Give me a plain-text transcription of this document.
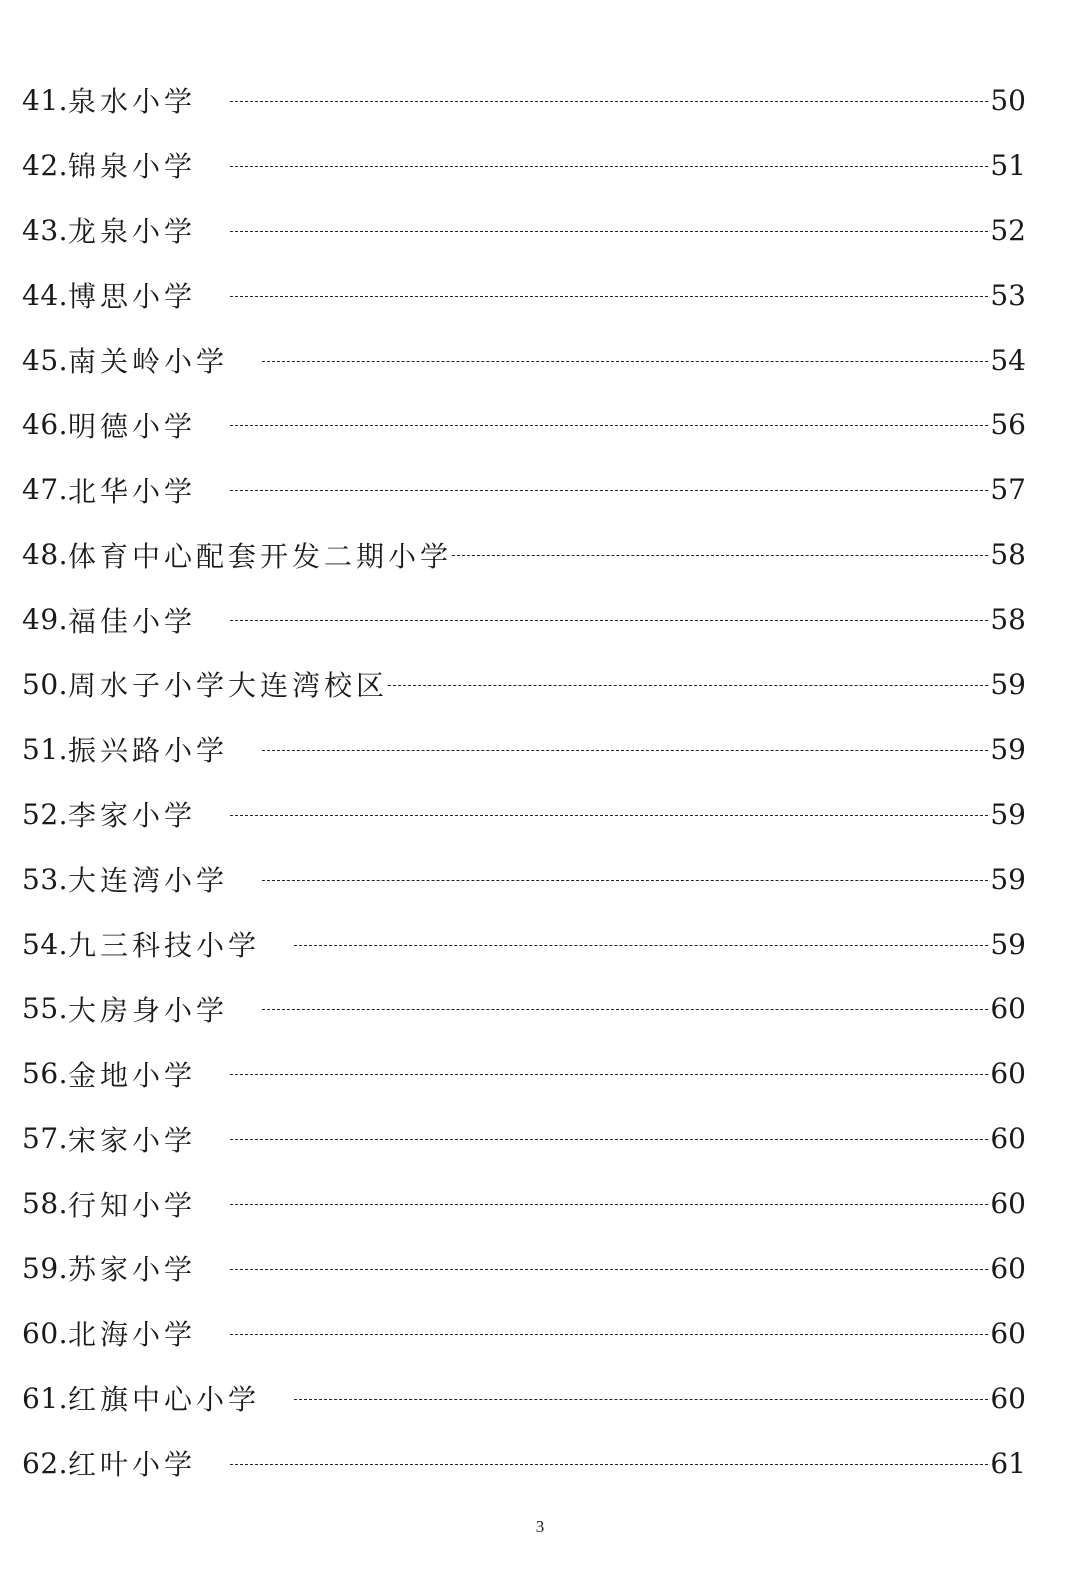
41. 泉水小学	50
42. 锦泉小学	51
43. 龙泉小学	52
44. 博思小学	53
45. 南关岭小学	54
46. 明德小学	56
47. 北华小学	57
48. 体育中心配套开发二期小学	58
49. 福佳小学	58
50. 周水子小学大连湾校区	59
51. 振兴路小学	59
52. 李家小学	59
53. 大连湾小学	59
54. 九三科技小学	59
55. 大房身小学	60
56. 金地小学	60
57. 宋家小学	60
58. 行知小学	60
59. 苏家小学	60
60. 北海小学	60
61. 红旗中心小学	60
62. 红叶小学	61
3
